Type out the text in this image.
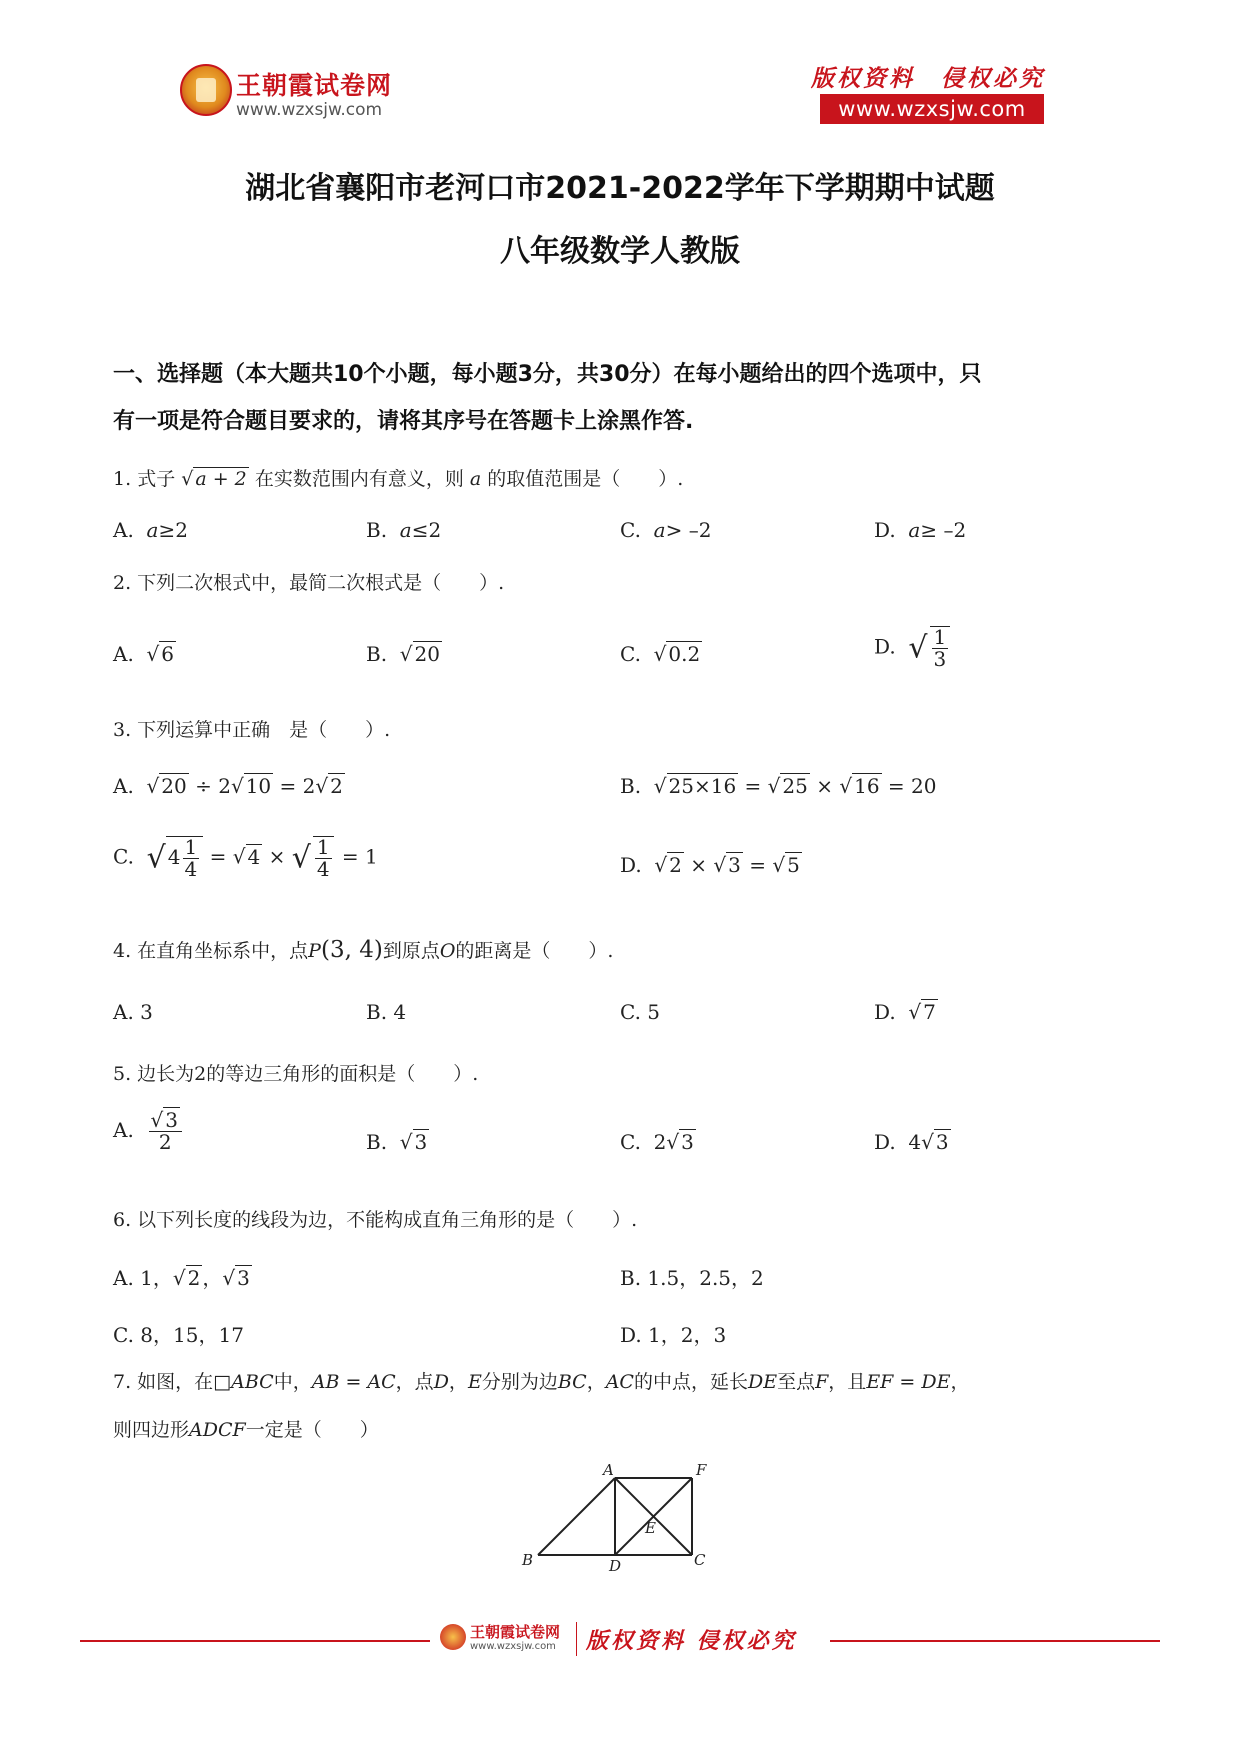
王朝霞试卷网
www.wzxsjw.com
版权资料　侵权必究
www.wzxsjw.com
湖北省襄阳市老河口市2021-2022学年下学期期中试题
八年级数学人教版
一、选择题（本大题共10个小题，每小题3分，共30分）在每小题给出的四个选项中，只
有一项是符合题目要求的，请将其序号在答题卡上涂黑作答.
1. 式子 √ a + 2 在实数范围内有意义，则 a 的取值范围是（　　）.
A. a≥2	B. a≤2	C. a> –2	D. a≥ –2
2. 下列二次根式中，最简二次根式是（　　）.
A.  √ 6	B.  √ 20	C.  √ 0.2	D. √ $\frac{1}{3}$
3. 下列运算中正确　是（　　）.
A.  √ 20 ÷ 2√ 10 = 2√ 2	B.  √ 25×16 = √ 25 × √ 16 = 20
C. √ $4 \frac{1}{4}$ = √ 4 × √ $\frac{1}{4} = 1$	D.  √ 2 × √ 3 = √ 5
4. 在直角坐标系中，点P(3, 4)到原点O的距离是（　　）.
A. 3	B. 4	C. 5	D.  √ 7
5. 边长为2的等边三角形的面积是（　　）.
A. $\frac{√ 3}{2}$	B.  √ 3	C. 2√ 3	D. 4√ 3
6. 以下列长度的线段为边，不能构成直角三角形的是（　　）.
A. 1，√ 2 ，√ 3	B. 1.5，2.5，2
C. 8，15，17	D. 1，2，3
7. 如图，在□ABC中，AB = AC，点D，E分别为边BC，AC的中点，延长DE至点F，且EF = DE，
则四边形ADCF一定是（　　）
A	F
B	C
D
E
王朝霞试卷网
www.wzxsjw.com 版权资料 侵权必究
